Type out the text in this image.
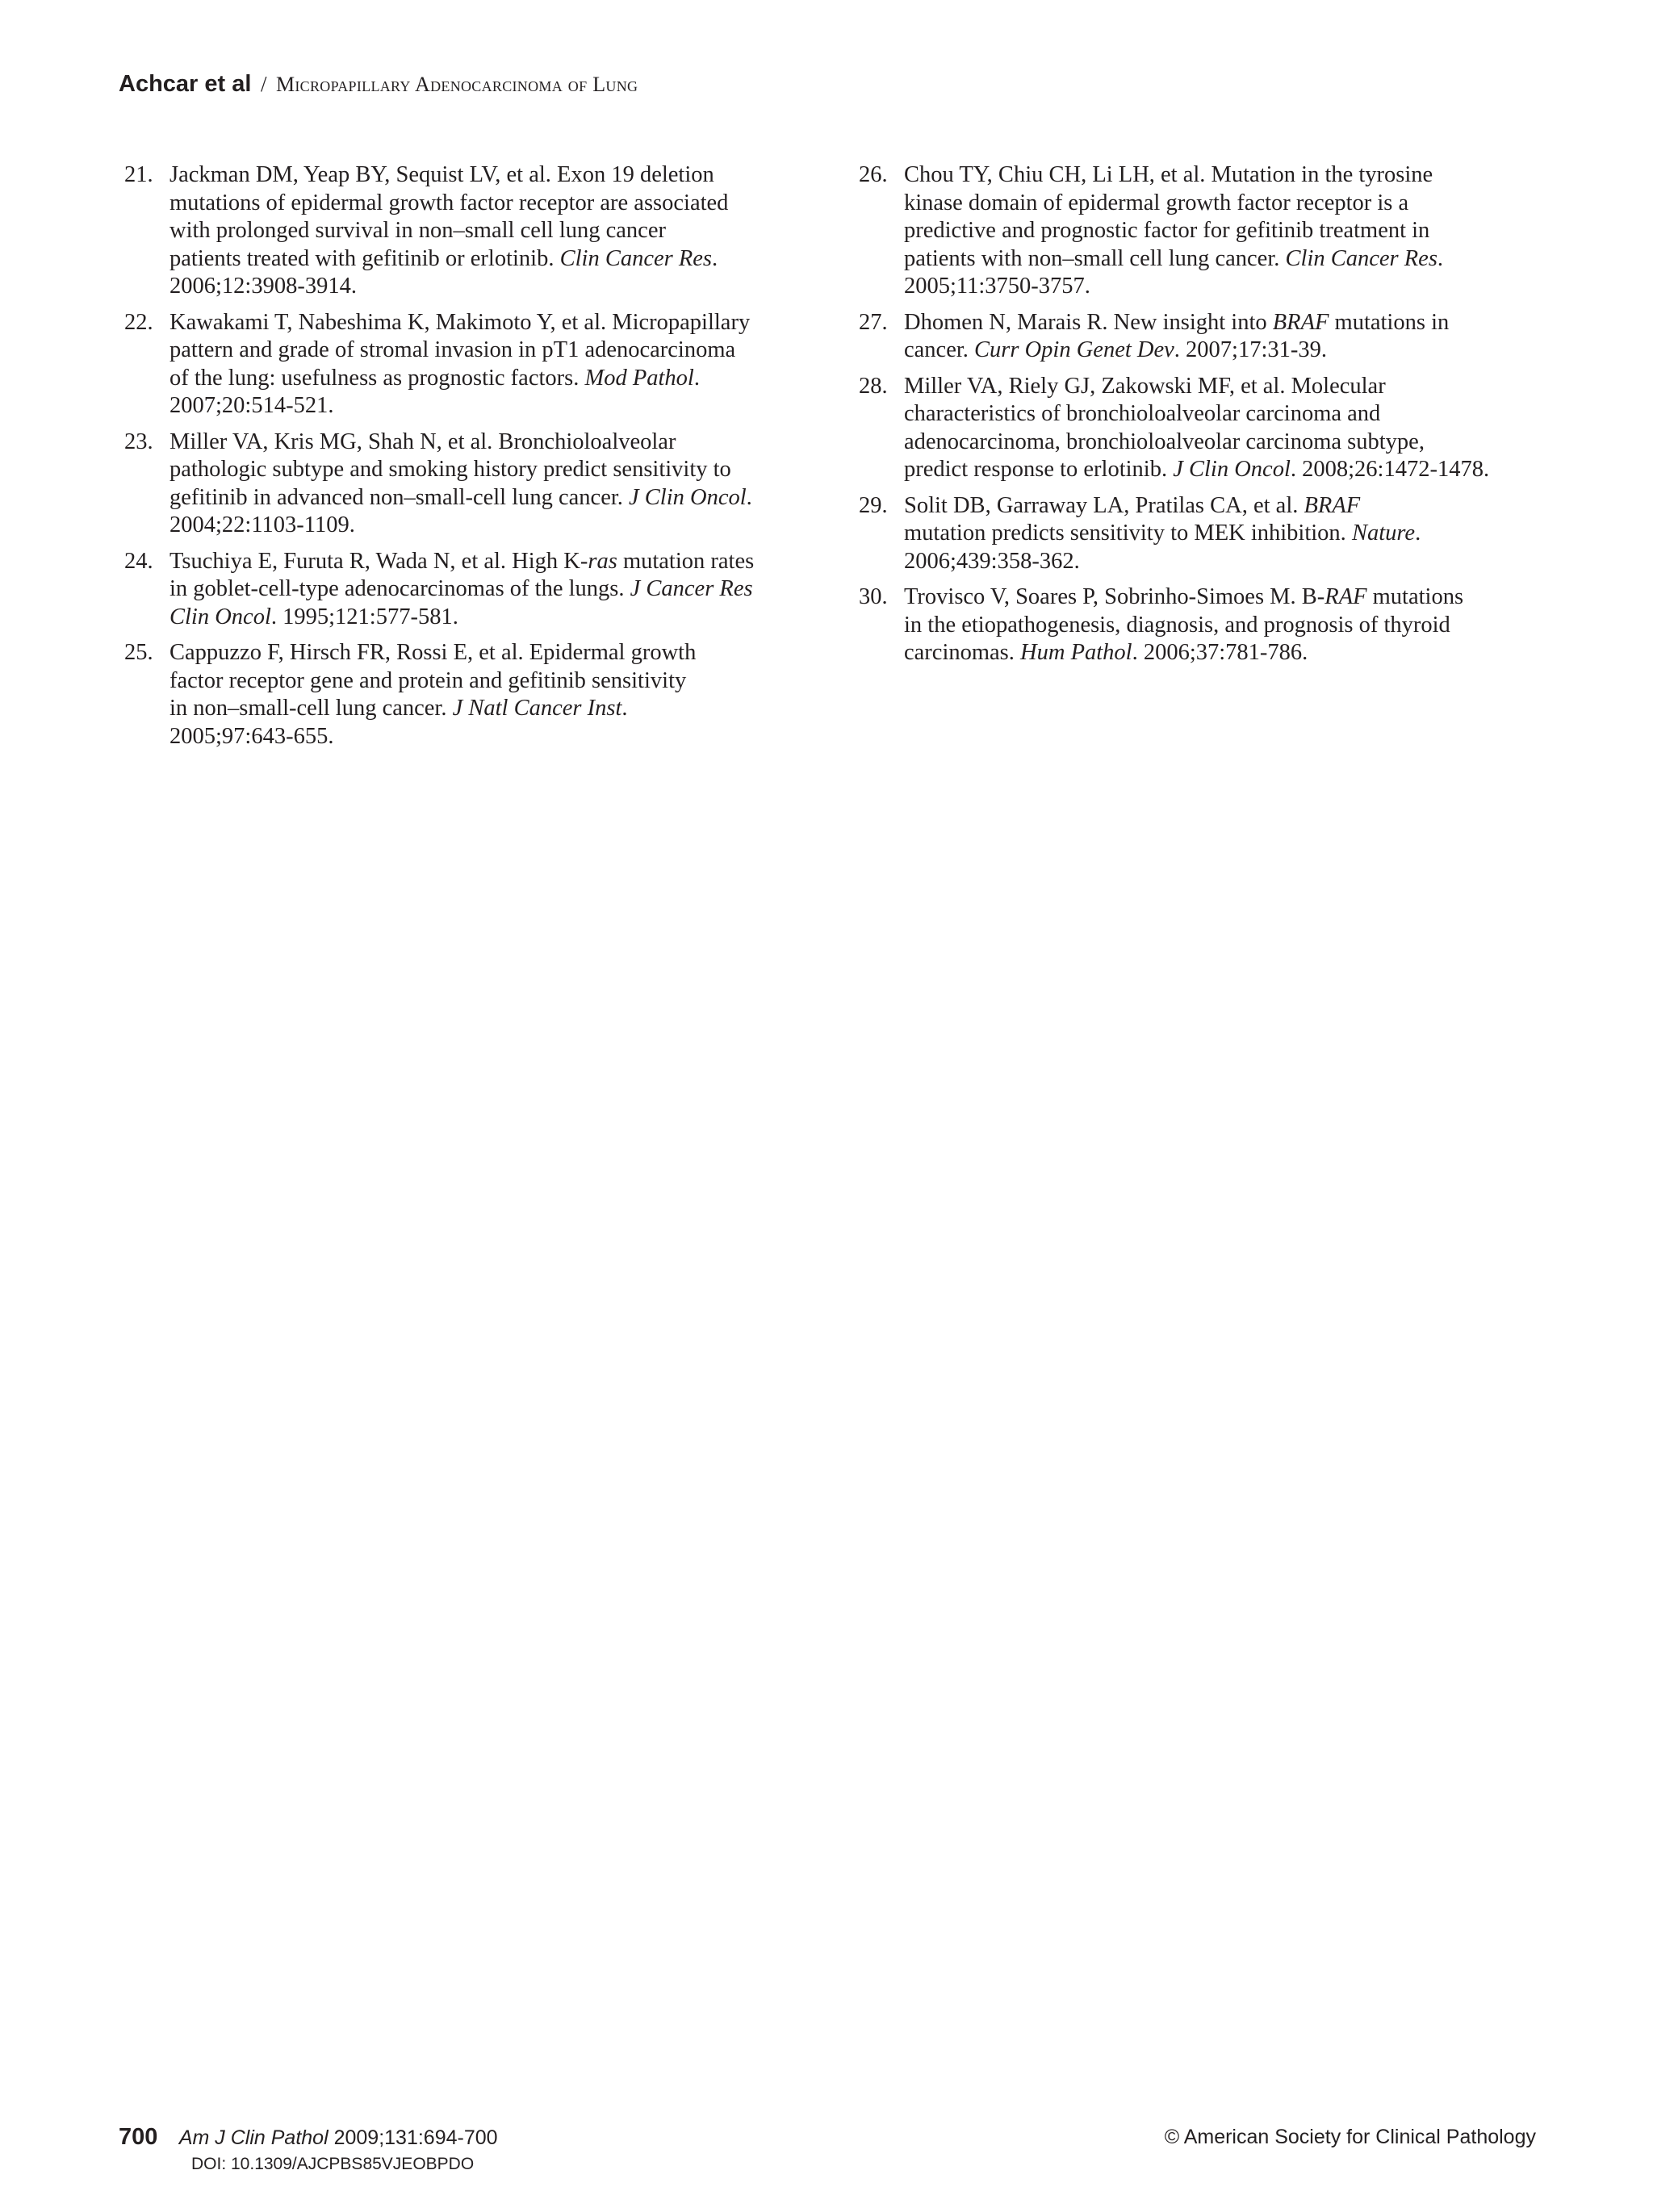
Achcar et al / Micropapillary Adenocarcinoma of Lung
21. Jackman DM, Yeap BY, Sequist LV, et al. Exon 19 deletion
mutations of epidermal growth factor receptor are associated
with prolonged survival in non–small cell lung cancer
patients treated with gefitinib or erlotinib. Clin Cancer Res.
2006;12:3908-3914.
22. Kawakami T, Nabeshima K, Makimoto Y, et al. Micropapillary
pattern and grade of stromal invasion in pT1 adenocarcinoma
of the lung: usefulness as prognostic factors. Mod Pathol.
2007;20:514-521.
23. Miller VA, Kris MG, Shah N, et al. Bronchioloalveolar
pathologic subtype and smoking history predict sensitivity to
gefitinib in advanced non–small-cell lung cancer. J Clin Oncol.
2004;22:1103-1109.
24. Tsuchiya E, Furuta R, Wada N, et al. High K-ras mutation rates
in goblet-cell-type adenocarcinomas of the lungs. J Cancer Res
Clin Oncol. 1995;121:577-581.
25. Cappuzzo F, Hirsch FR, Rossi E, et al. Epidermal growth
factor receptor gene and protein and gefitinib sensitivity
in non–small-cell lung cancer. J Natl Cancer Inst.
2005;97:643-655.
26. Chou TY, Chiu CH, Li LH, et al. Mutation in the tyrosine
kinase domain of epidermal growth factor receptor is a
predictive and prognostic factor for gefitinib treatment in
patients with non–small cell lung cancer. Clin Cancer Res.
2005;11:3750-3757.
27. Dhomen N, Marais R. New insight into BRAF mutations in
cancer. Curr Opin Genet Dev. 2007;17:31-39.
28. Miller VA, Riely GJ, Zakowski MF, et al. Molecular
characteristics of bronchioloalveolar carcinoma and
adenocarcinoma, bronchioloalveolar carcinoma subtype,
predict response to erlotinib. J Clin Oncol. 2008;26:1472-1478.
29. Solit DB, Garraway LA, Pratilas CA, et al. BRAF
mutation predicts sensitivity to MEK inhibition. Nature.
2006;439:358-362.
30. Trovisco V, Soares P, Sobrinho-Simoes M. B-RAF mutations
in the etiopathogenesis, diagnosis, and prognosis of thyroid
carcinomas. Hum Pathol. 2006;37:781-786.
700 Am J Clin Pathol 2009;131:694-700
DOI: 10.1309/AJCPBS85VJEOBPDO
© American Society for Clinical Pathology
